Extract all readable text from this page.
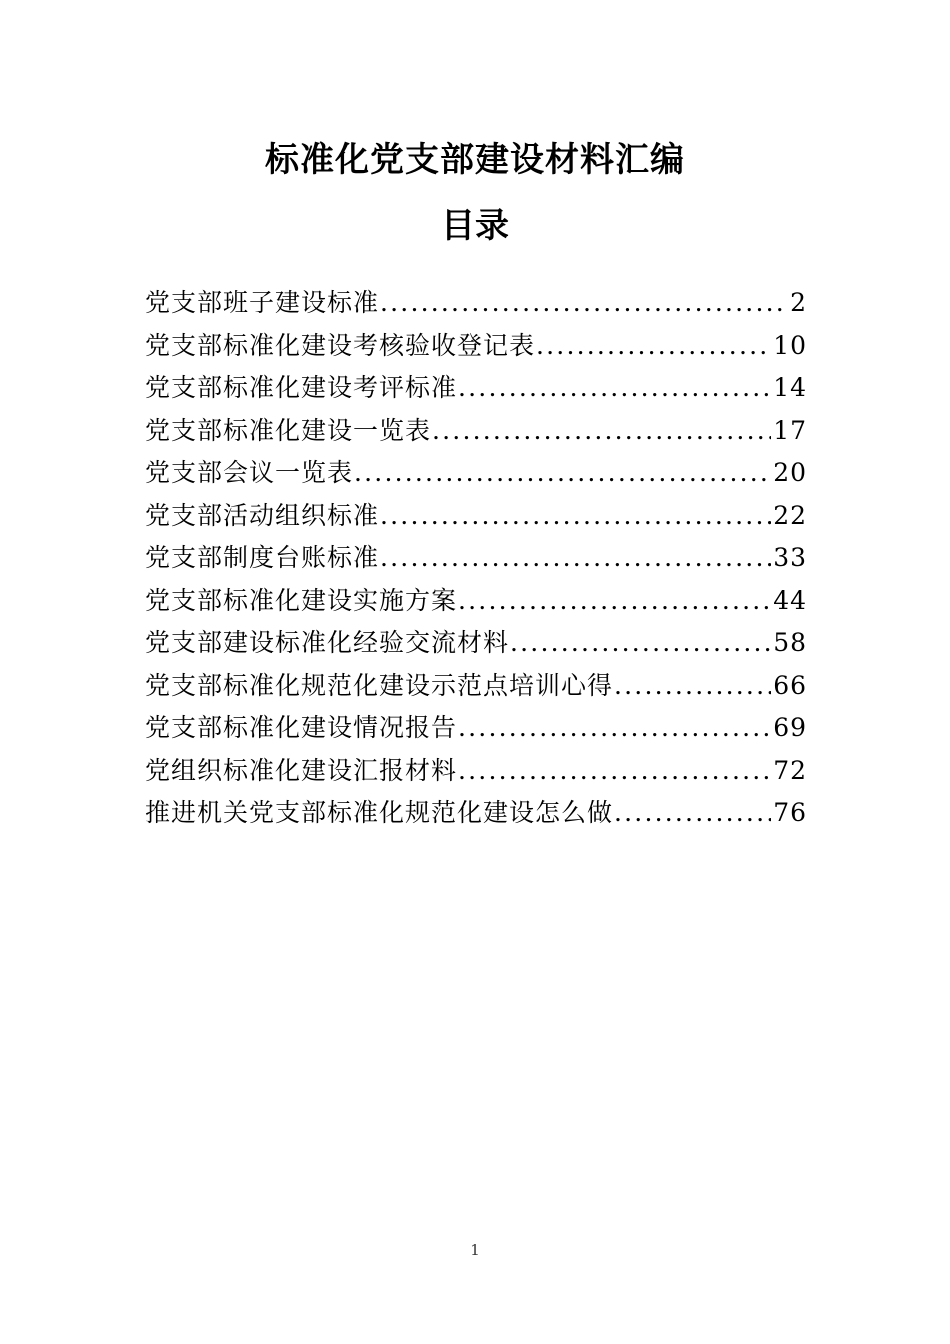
标准化党支部建设材料汇编
目录
党支部班子建设标准 .....	2
党支部标准化建设考核验收登记表 .....	10
党支部标准化建设考评标准 .....	14
党支部标准化建设一览表 .....	17
党支部会议一览表 .....	20
党支部活动组织标准 .....	22
党支部制度台账标准 .....	33
党支部标准化建设实施方案 .....	44
党支部建设标准化经验交流材料 .....	58
党支部标准化规范化建设示范点培训心得 .....	66
党支部标准化建设情况报告 .....	69
党组织标准化建设汇报材料 .....	72
推进机关党支部标准化规范化建设怎么做 .....	76
1
